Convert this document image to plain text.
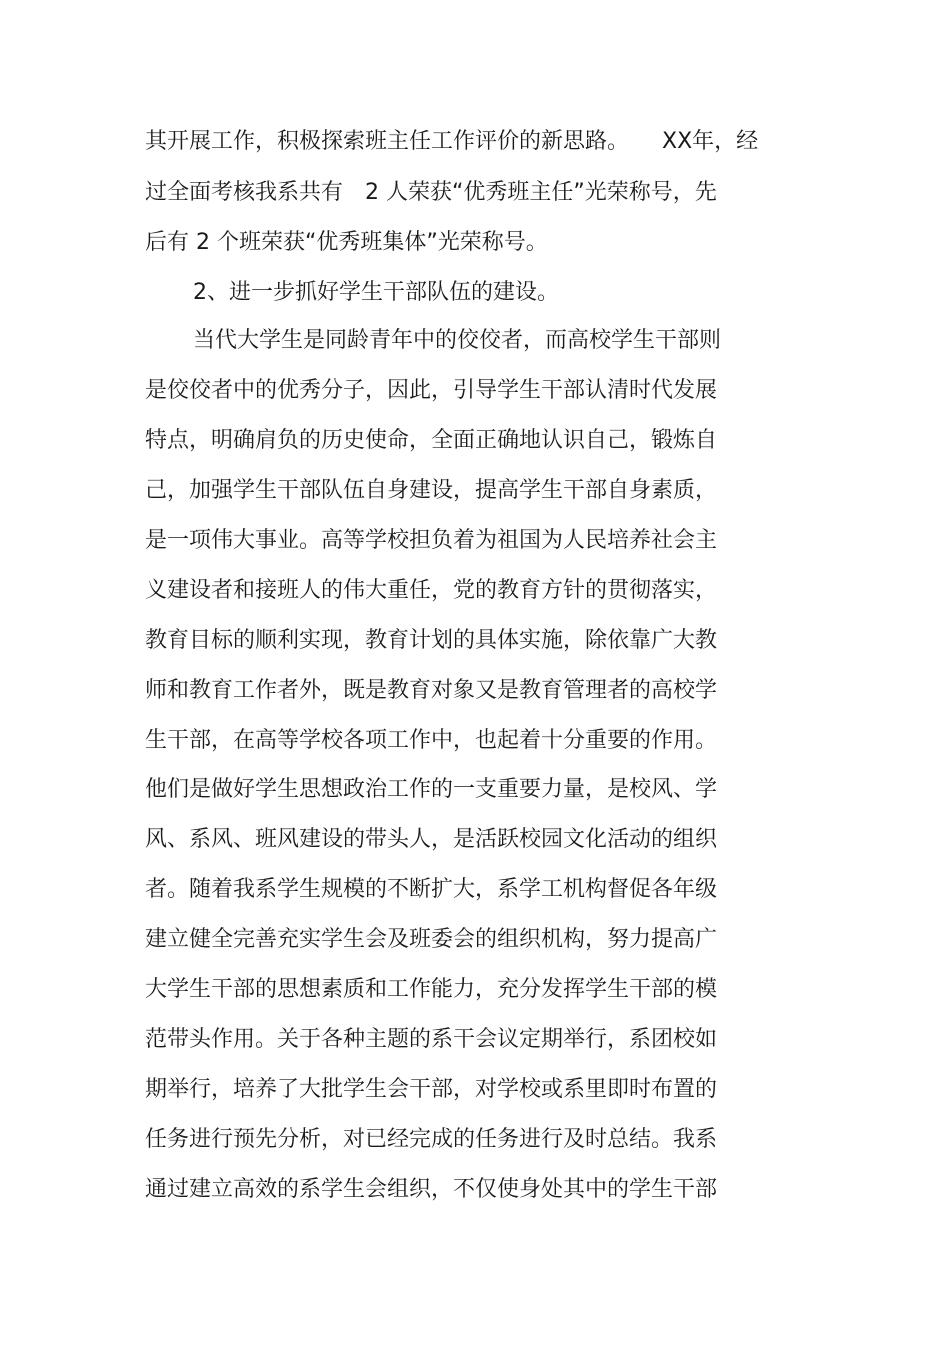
其开展工作，积极探索班主任工作评价的新思路。　　XX年，经
过全面考核我系共有　2 人荣获“优秀班主任”光荣称号，先
后有 2 个班荣获“优秀班集体”光荣称号。
2、进一步抓好学生干部队伍的建设。
当代大学生是同龄青年中的佼佼者，而高校学生干部则
是佼佼者中的优秀分子，因此，引导学生干部认清时代发展
特点，明确肩负的历史使命，全面正确地认识自己，锻炼自
己，加强学生干部队伍自身建设，提高学生干部自身素质，
是一项伟大事业。高等学校担负着为祖国为人民培养社会主
义建设者和接班人的伟大重任，党的教育方针的贯彻落实，
教育目标的顺利实现，教育计划的具体实施，除依靠广大教
师和教育工作者外，既是教育对象又是教育管理者的高校学
生干部，在高等学校各项工作中，也起着十分重要的作用。
他们是做好学生思想政治工作的一支重要力量，是校风、学
风、系风、班风建设的带头人，是活跃校园文化活动的组织
者。随着我系学生规模的不断扩大，系学工机构督促各年级
建立健全完善充实学生会及班委会的组织机构，努力提高广
大学生干部的思想素质和工作能力，充分发挥学生干部的模
范带头作用。关于各种主题的系干会议定期举行，系团校如
期举行，培养了大批学生会干部，对学校或系里即时布置的
任务进行预先分析，对已经完成的任务进行及时总结。我系
通过建立高效的系学生会组织，不仅使身处其中的学生干部
